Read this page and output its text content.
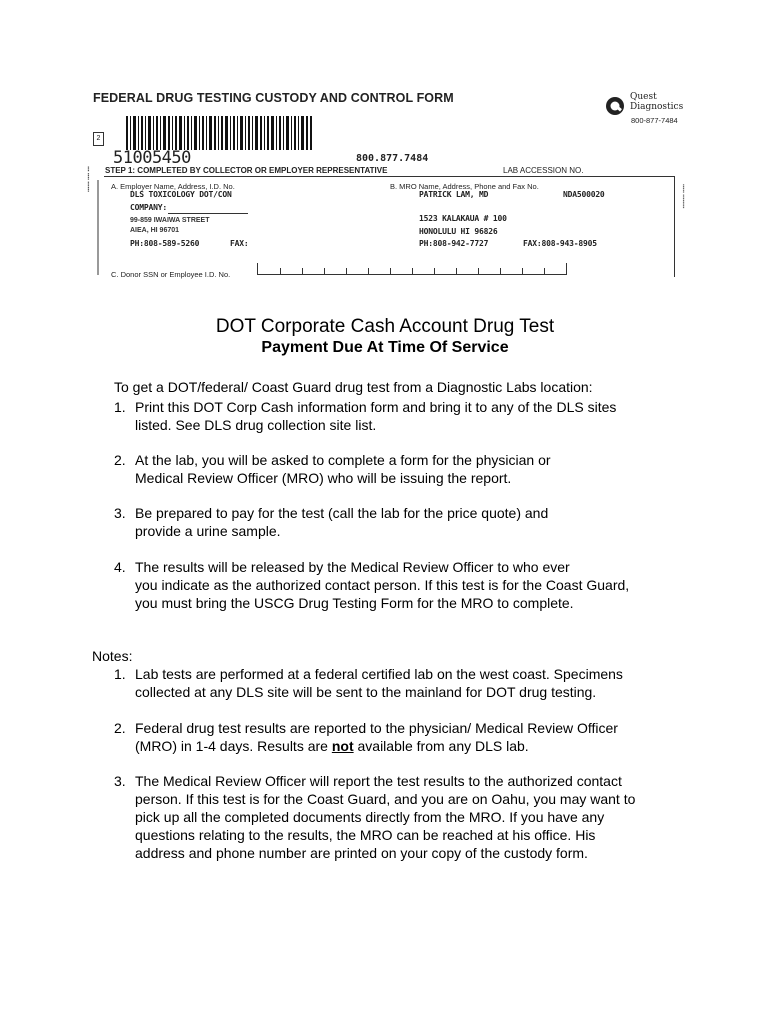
FEDERAL DRUG TESTING CUSTODY AND CONTROL FORM
2
51005450	800.877.7484
STEP 1: COMPLETED BY COLLECTOR OR EMPLOYER REPRESENTATIVE	LAB ACCESSION NO.
Quest
Diagnostics
800-877-7484
▪▪▪▪▪▪ ▪▪▪▪ ▪▪▪
▪▪▪▪▪ ▪▪▪▪▪▪▪▪
A. Employer Name, Address, I.D. No.
DLS TOXICOLOGY DOT/CON
COMPANY:
99-859 IWAIWA STREET
AIEA, HI 96701
PH:808-589-5260	FAX:
B. MRO Name, Address, Phone and Fax No.
PATRICK LAM, MD	NDA500020
1523 KALAKAUA # 100
HONOLULU HI 96826
PH:808-942-7727	FAX:808-943-8905
C. Donor SSN or Employee I.D. No.
DOT Corporate Cash Account Drug Test
Payment Due At Time Of Service
To get a DOT/federal/ Coast Guard drug test from a Diagnostic Labs location:
1. Print this DOT Corp Cash information form and bring it to any of the DLS sites
listed. See DLS drug collection site list.
2. At the lab, you will be asked to complete a form for the physician or
Medical Review Officer (MRO) who will be issuing the report.
3. Be prepared to pay for the test (call the lab for the price quote) and
provide a urine sample.
4. The results will be released by the Medical Review Officer to who ever
you indicate as the authorized contact person. If this test is for the Coast Guard,
you must bring the USCG Drug Testing Form for the MRO to complete.
Notes:
1. Lab tests are performed at a federal certified lab on the west coast. Specimens
collected at any DLS site will be sent to the mainland for DOT drug testing.
2. Federal drug test results are reported to the physician/ Medical Review Officer
(MRO) in 1-4 days. Results are not available from any DLS lab.
3. The Medical Review Officer will report the test results to the authorized contact
person. If this test is for the Coast Guard, and you are on Oahu, you may want to
pick up all the completed documents directly from the MRO. If you have any
questions relating to the results, the MRO can be reached at his office. His
address and phone number are printed on your copy of the custody form.
